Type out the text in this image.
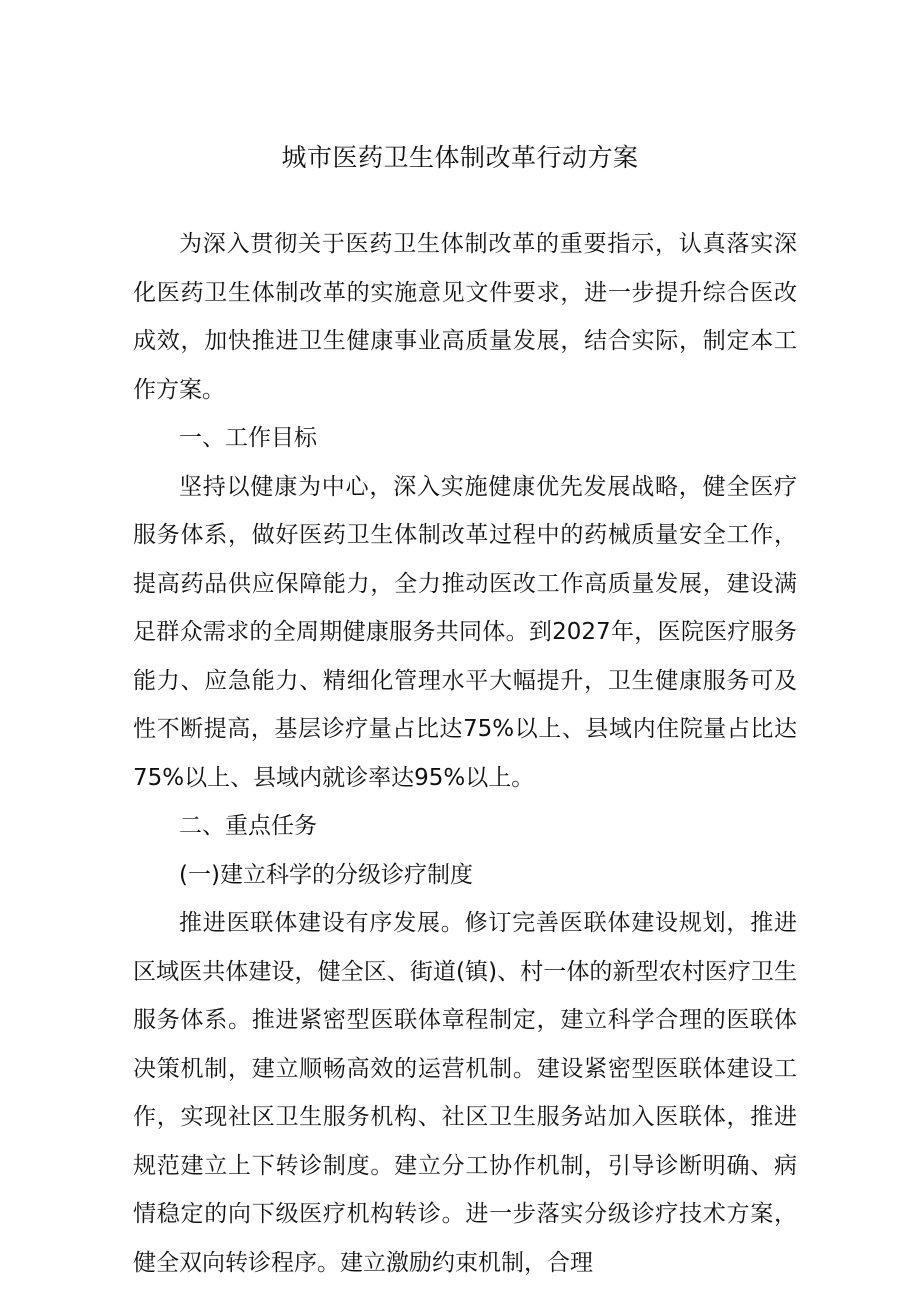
城市医药卫生体制改革行动方案

为深入贯彻关于医药卫生体制改革的重要指示，认真落实深化医药卫生体制改革的实施意见文件要求，进一步提升综合医改成效，加快推进卫生健康事业高质量发展，结合实际，制定本工作方案。

一、工作目标

坚持以健康为中心，深入实施健康优先发展战略，健全医疗服务体系，做好医药卫生体制改革过程中的药械质量安全工作，提高药品供应保障能力，全力推动医改工作高质量发展，建设满足群众需求的全周期健康服务共同体。到2027年，医院医疗服务能力、应急能力、精细化管理水平大幅提升，卫生健康服务可及性不断提高，基层诊疗量占比达75%以上、县域内住院量占比达75%以上、县域内就诊率达95%以上。

二、重点任务

(一)建立科学的分级诊疗制度

推进医联体建设有序发展。修订完善医联体建设规划，推进区域医共体建设，健全区、街道(镇)、村一体的新型农村医疗卫生服务体系。推进紧密型医联体章程制定，建立科学合理的医联体决策机制，建立顺畅高效的运营机制。建设紧密型医联体建设工作，实现社区卫生服务机构、社区卫生服务站加入医联体，推进规范建立上下转诊制度。建立分工协作机制，引导诊断明确、病情稳定的向下级医疗机构转诊。进一步落实分级诊疗技术方案，健全双向转诊程序。建立激励约束机制，合理
